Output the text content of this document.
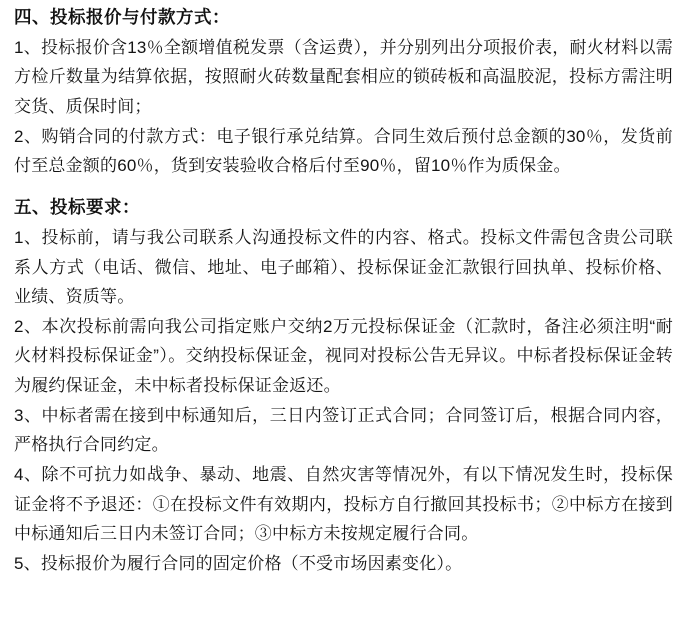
四、投标报价与付款方式：

1、投标报价含13％全额增值税发票（含运费），并分别列出分项报价表，耐火材料以需方检斤数量为结算依据，按照耐火砖数量配套相应的锁砖板和高温胶泥，投标方需注明交货、质保时间；

2、购销合同的付款方式：电子银行承兑结算。合同生效后预付总金额的30％，发货前付至总金额的60％，货到安装验收合格后付至90％，留10％作为质保金。

五、投标要求：

1、投标前，请与我公司联系人沟通投标文件的内容、格式。投标文件需包含贵公司联系人方式（电话、微信、地址、电子邮箱）、投标保证金汇款银行回执单、投标价格、业绩、资质等。

2、本次投标前需向我公司指定账户交纳2万元投标保证金（汇款时，备注必须注明“耐火材料投标保证金”）。交纳投标保证金，视同对投标公告无异议。中标者投标保证金转为履约保证金，未中标者投标保证金返还。

3、中标者需在接到中标通知后，三日内签订正式合同；合同签订后，根据合同内容，严格执行合同约定。

4、除不可抗力如战争、暴动、地震、自然灾害等情况外，有以下情况发生时，投标保证金将不予退还：①在投标文件有效期内，投标方自行撤回其投标书；②中标方在接到中标通知后三日内未签订合同；③中标方未按规定履行合同。

5、投标报价为履行合同的固定价格（不受市场因素变化）。
